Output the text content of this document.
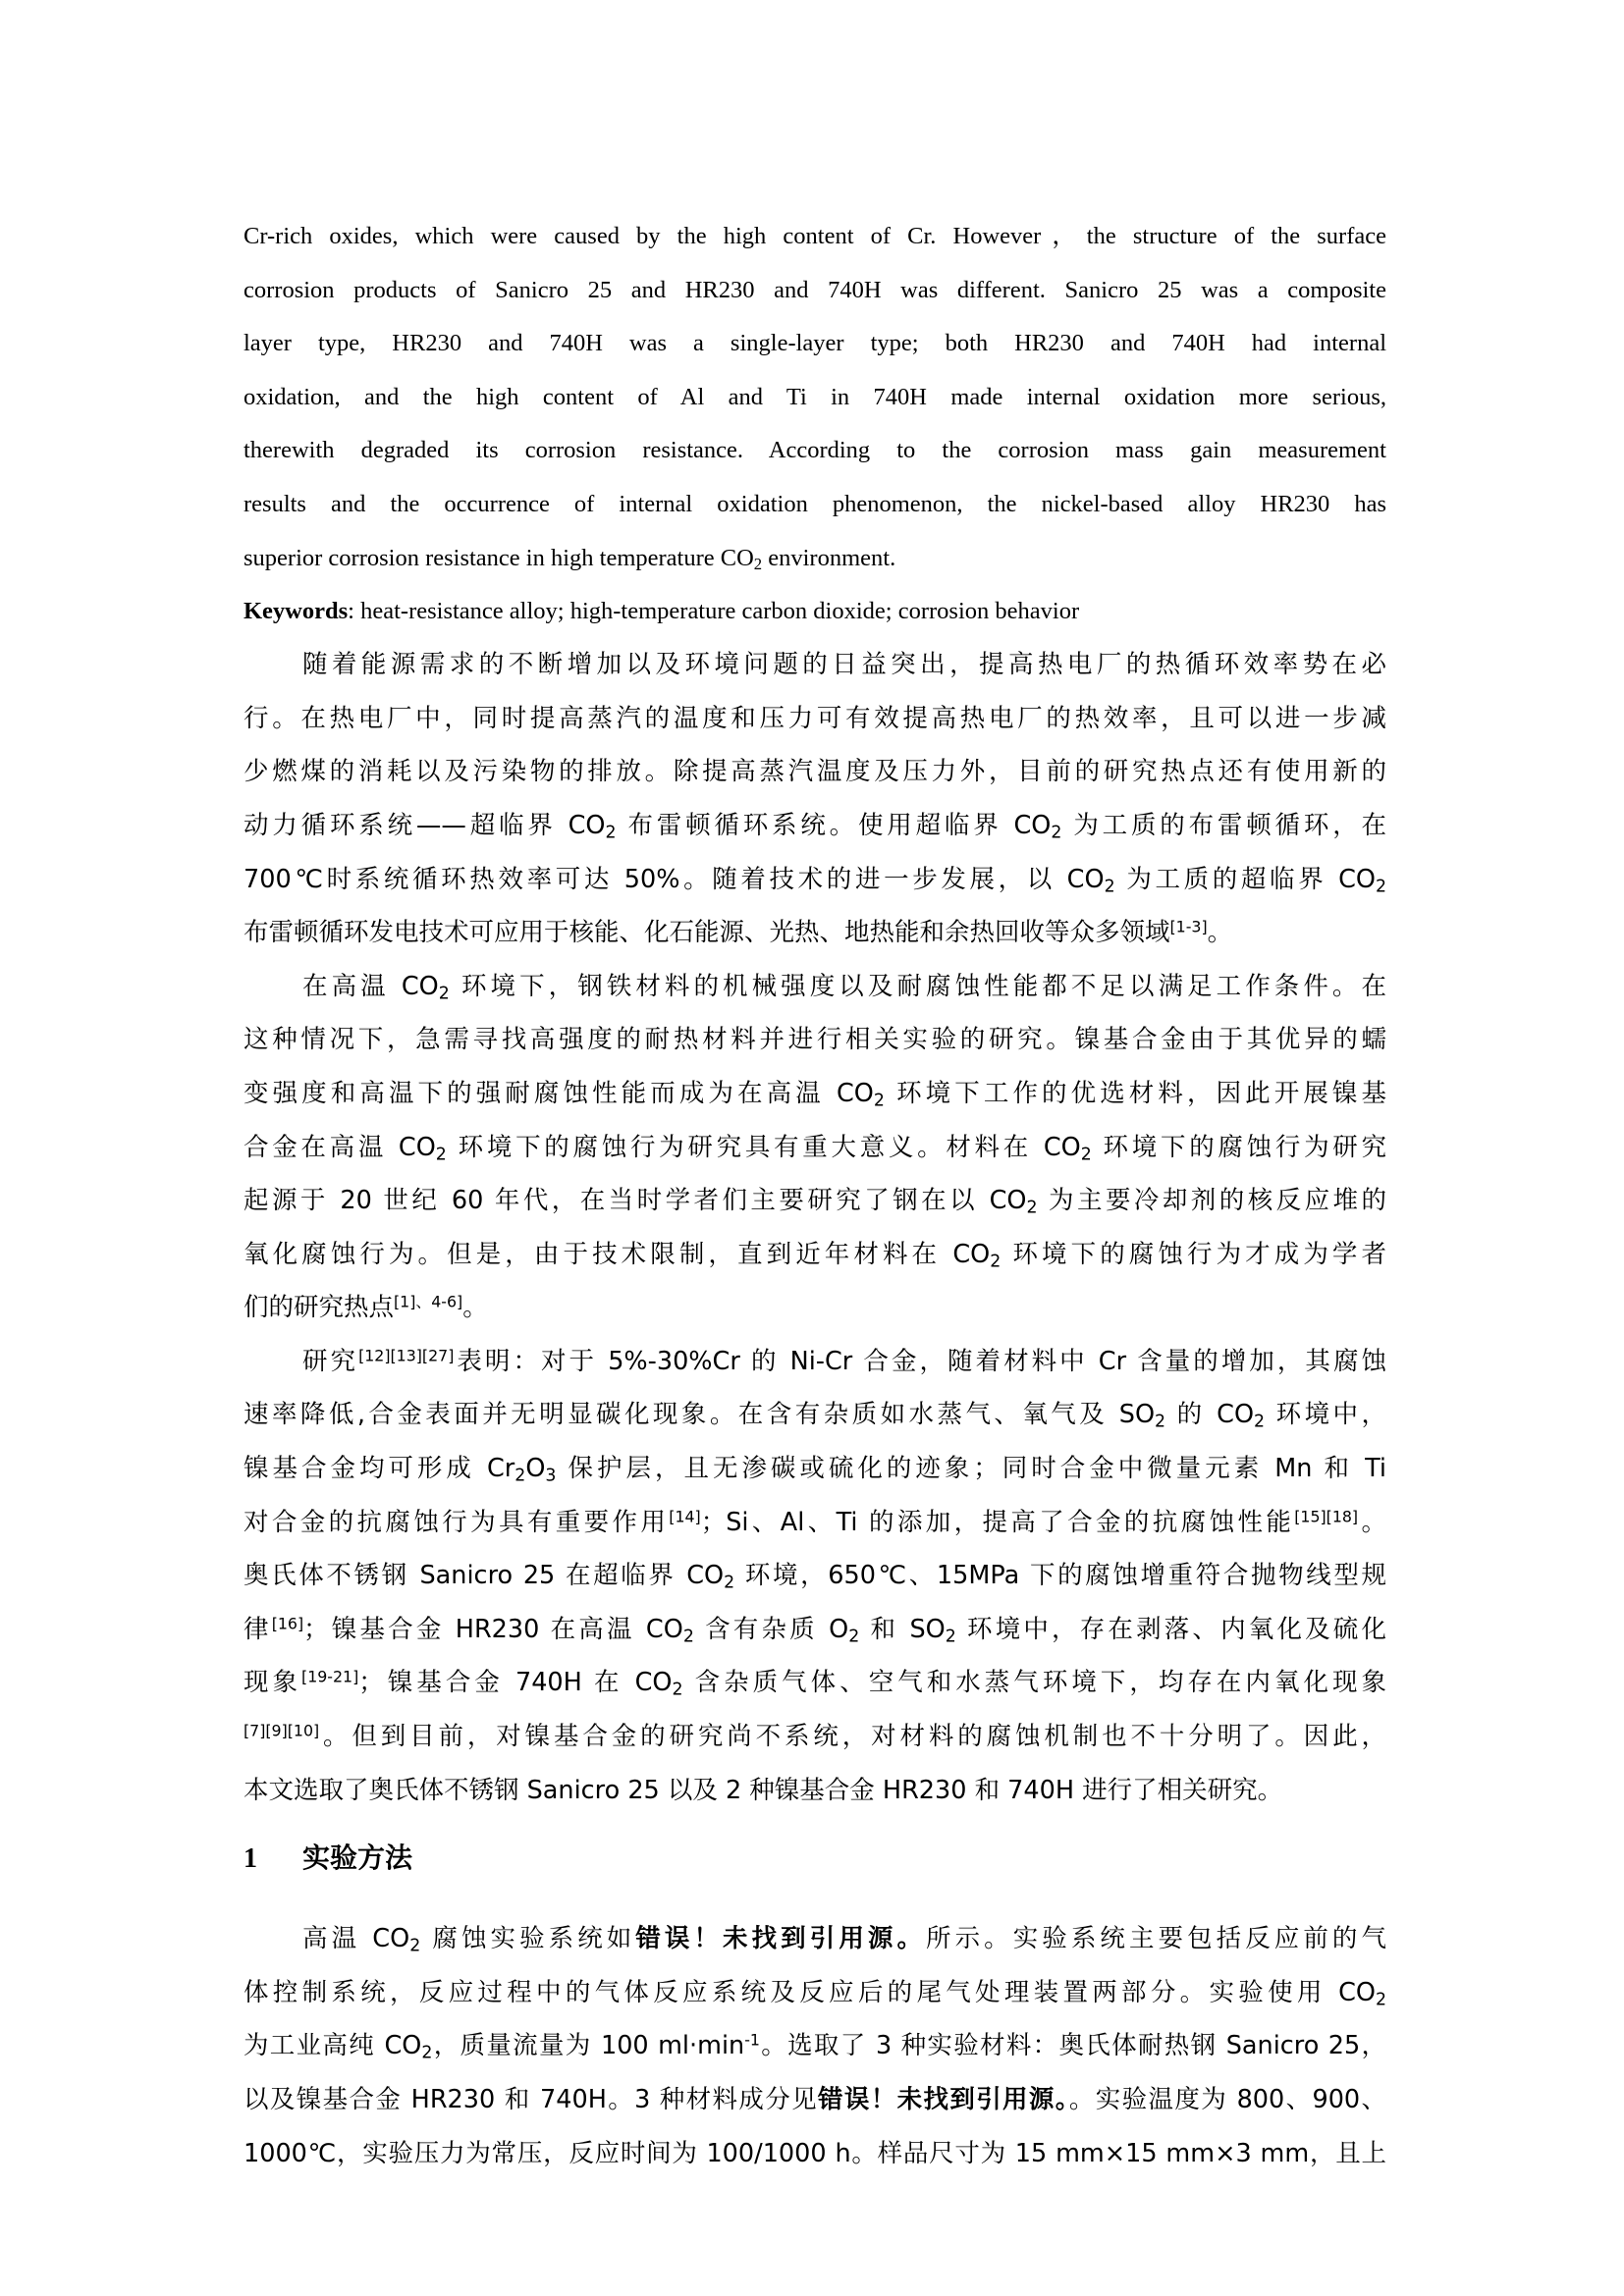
Cr-rich oxides, which were caused by the high content of Cr. However，the structure of the surface
corrosion products of Sanicro 25 and HR230 and 740H was different. Sanicro 25 was a composite
layer type, HR230 and 740H was a single-layer type; both HR230 and 740H had internal
oxidation, and the high content of Al and Ti in 740H made internal oxidation more serious,
therewith degraded its corrosion resistance. According to the corrosion mass gain measurement
results and the occurrence of internal oxidation phenomenon, the nickel-based alloy HR230 has
superior corrosion resistance in high temperature $CO_2$ environment.
Keywords: heat-resistance alloy; high-temperature carbon dioxide; corrosion behavior
随着能源需求的不断增加以及环境问题的日益突出，提高热电厂的热循环效率势在必
行。在热电厂中，同时提高蒸汽的温度和压力可有效提高热电厂的热效率，且可以进一步减
少燃煤的消耗以及污染物的排放。除提高蒸汽温度及压力外，目前的研究热点还有使用新的
动力循环系统——超临界 $CO_2$ 布雷顿循环系统。使用超临界 $CO_2$ 为工质的布雷顿循环，在
700℃时系统循环热效率可达 50%。随着技术的进一步发展，以 $CO_2$ 为工质的超临界 $CO_2$
布雷顿循环发电技术可应用于核能、化石能源、光热、地热能和余热回收等众多领域[1-3]。
在高温 $CO_2$ 环境下，钢铁材料的机械强度以及耐腐蚀性能都不足以满足工作条件。在
这种情况下，急需寻找高强度的耐热材料并进行相关实验的研究。镍基合金由于其优异的蠕
变强度和高温下的强耐腐蚀性能而成为在高温 $CO_2$ 环境下工作的优选材料，因此开展镍基
合金在高温 $CO_2$ 环境下的腐蚀行为研究具有重大意义。材料在 $CO_2$ 环境下的腐蚀行为研究
起源于 20 世纪 60 年代，在当时学者们主要研究了钢在以 $CO_2$ 为主要冷却剂的核反应堆的
氧化腐蚀行为。但是，由于技术限制，直到近年材料在 $CO_2$ 环境下的腐蚀行为才成为学者
们的研究热点[1]、4-6]。
研究[12][13][27]表明：对于 5%-30%Cr 的 Ni-Cr 合金，随着材料中 Cr 含量的增加，其腐蚀
速率降低,合金表面并无明显碳化现象。在含有杂质如水蒸气、氧气及 $SO_2$ 的 $CO_2$ 环境中，
镍基合金均可形成 $Cr_2O_3$ 保护层，且无渗碳或硫化的迹象；同时合金中微量元素 Mn 和 Ti
对合金的抗腐蚀行为具有重要作用[14]；Si、Al、Ti 的添加，提高了合金的抗腐蚀性能[15][18]。
奥氏体不锈钢 Sanicro 25 在超临界 $CO_2$ 环境，650℃、15MPa 下的腐蚀增重符合抛物线型规
律[16]；镍基合金 HR230 在高温 $CO_2$ 含有杂质 $O_2$ 和 $SO_2$ 环境中，存在剥落、内氧化及硫化
现象[19-21]；镍基合金 740H 在 $CO_2$ 含杂质气体、空气和水蒸气环境下，均存在内氧化现象
[7][9][10]。但到目前，对镍基合金的研究尚不系统，对材料的腐蚀机制也不十分明了。因此，
本文选取了奥氏体不锈钢 Sanicro 25 以及 2 种镍基合金 HR230 和 740H 进行了相关研究。
1 实验方法
高温 $CO_2$ 腐蚀实验系统如错误！未找到引用源。所示。实验系统主要包括反应前的气
体控制系统，反应过程中的气体反应系统及反应后的尾气处理装置两部分。实验使用 $CO_2$
为工业高纯 $CO_2$，质量流量为 100 $ml\cdot\min^{-1}$。选取了 3 种实验材料：奥氏体耐热钢 Sanicro 25，
以及镍基合金 HR230 和 740H。3 种材料成分见错误！未找到引用源。。实验温度为 800、900、
1000℃，实验压力为常压，反应时间为 100/1000 h。样品尺寸为 15 mm×15 mm×3 mm，且上
